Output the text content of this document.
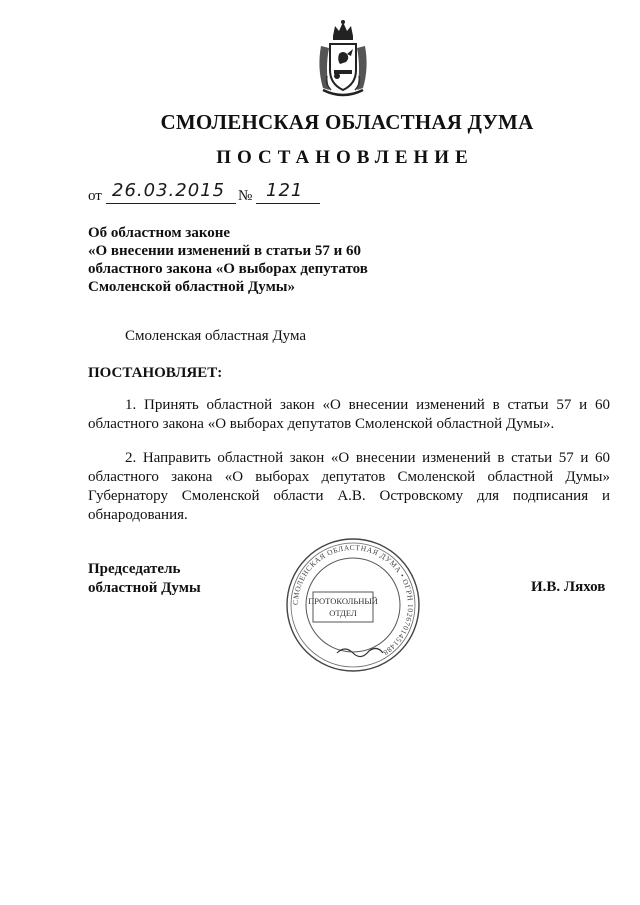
СМОЛЕНСКАЯ ОБЛАСТНАЯ ДУМА
ПОСТАНОВЛЕНИЕ
от 26.03.2015 № 121
Об областном законе
«О внесении изменений в статьи 57 и 60
областного закона «О выборах депутатов
Смоленской областной Думы»
Смоленская областная Дума
ПОСТАНОВЛЯЕТ:
1. Принять областной закон «О внесении изменений в статьи 57 и 60 областного закона «О выборах депутатов Смоленской областной Думы».
2. Направить областной закон «О внесении изменений в статьи 57 и 60 областного закона «О выборах депутатов Смоленской областной Думы» Губернатору Смоленской области А.В. Островскому для подписания и обнародования.
Председатель
областной Думы	И.В. Ляхов
СМОЛЕНСКАЯ ОБЛАСТНАЯ ДУМА • ОГРН 1026701451488
ПРОТОКОЛЬНЫЙ
ОТДЕЛ
